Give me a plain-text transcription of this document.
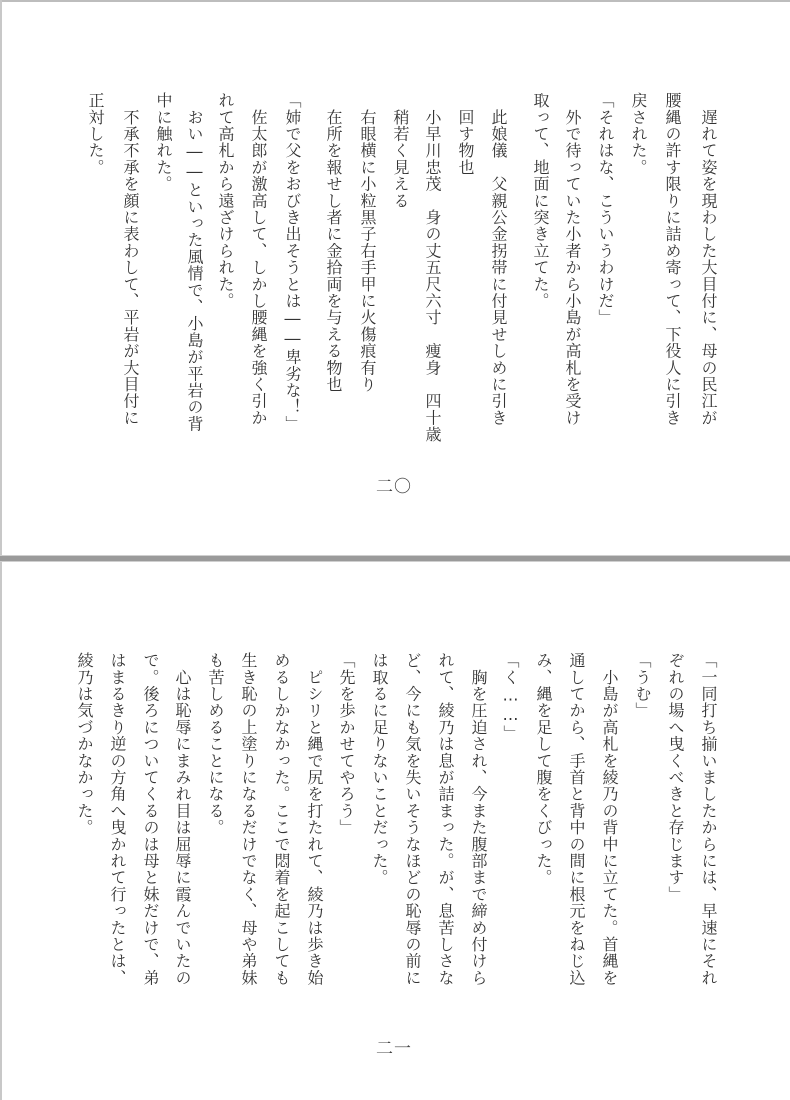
　遅れて姿を現わした大目付に、母の民江が
腰縄の許す限りに詰め寄って、下役人に引き
戻された。
「それはな、こういうわけだ」
　外で待っていた小者から小島が高札を受け
取って、地面に突き立てた。
　此娘儀　父親公金拐帯に付見せしめに引き
　回す物也
　小早川忠茂　身の丈五尺六寸　痩身　四十歳
　稍若く見える
　右眼横に小粒黒子右手甲に火傷痕有り
　在所を報せし者に金拾両を与える物也
「姉で父をおびき出そうとは――卑劣な！」
　佐太郎が激高して、しかし腰縄を強く引か
れて高札から遠ざけられた。
　おい――といった風情で、小島が平岩の背
中に触れた。
　不承不承を顔に表わして、平岩が大目付に
正対した。
二〇
「一同打ち揃いましたからには、早速にそれ
ぞれの場へ曳くべきと存じます」
「うむ」
　小島が高札を綾乃の背中に立てた。首縄を
通してから、手首と背中の間に根元をねじ込
み、縄を足して腹をくびった。
「く……」
　胸を圧迫され、今また腹部まで締め付けら
れて、綾乃は息が詰まった。が、息苦しさな
ど、今にも気を失いそうなほどの恥辱の前に
は取るに足りないことだった。
「先を歩かせてやろう」
　ピシリと縄で尻を打たれて、綾乃は歩き始
めるしかなかった。ここで悶着を起こしても
生き恥の上塗りになるだけでなく、母や弟妹
も苦しめることになる。
　心は恥辱にまみれ目は屈辱に霞んでいたの
で。後ろについてくるのは母と妹だけで、弟
はまるきり逆の方角へ曳かれて行ったとは、
綾乃は気づかなかった。
二一
